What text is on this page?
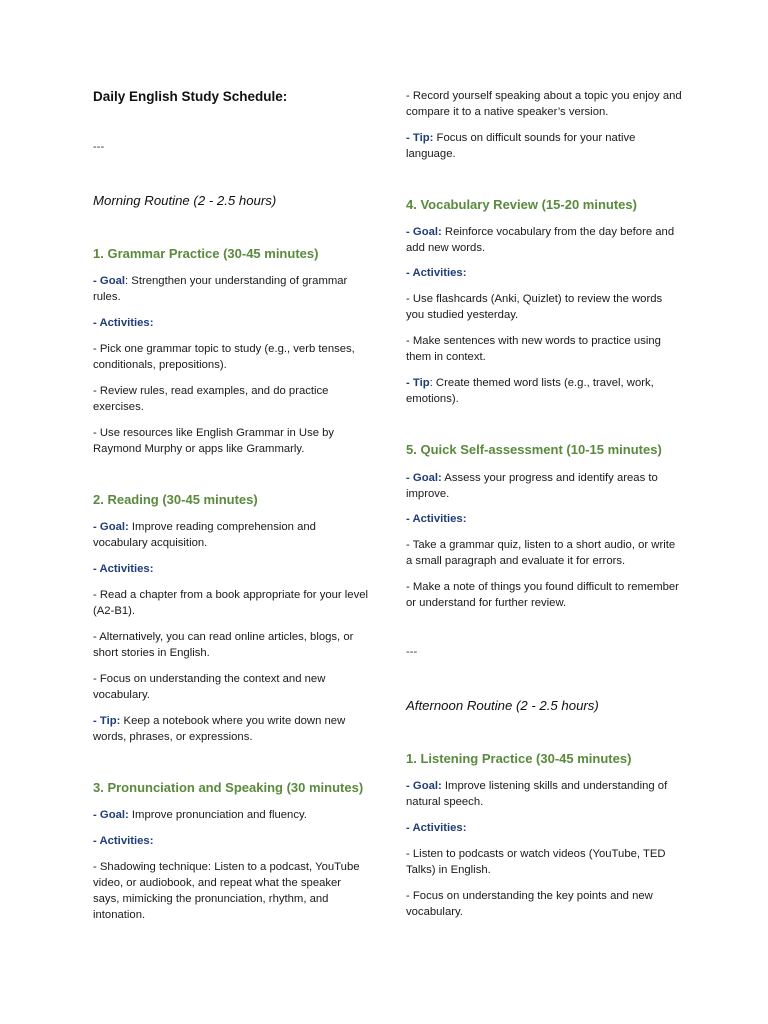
Daily English Study Schedule:
---
Morning Routine (2 - 2.5 hours)
1. Grammar Practice (30-45 minutes)

- Goal: Strengthen your understanding of grammar rules.

- Activities:

- Pick one grammar topic to study (e.g., verb tenses, conditionals, prepositions).

- Review rules, read examples, and do practice exercises.

- Use resources like English Grammar in Use by Raymond Murphy or apps like Grammarly.

2. Reading (30-45 minutes)

- Goal: Improve reading comprehension and vocabulary acquisition.

- Activities:

- Read a chapter from a book appropriate for your level (A2-B1).

- Alternatively, you can read online articles, blogs, or short stories in English.

- Focus on understanding the context and new vocabulary.

- Tip: Keep a notebook where you write down new words, phrases, or expressions.

3. Pronunciation and Speaking (30 minutes)

- Goal: Improve pronunciation and fluency.

- Activities:

- Shadowing technique: Listen to a podcast, YouTube video, or audiobook, and repeat what the speaker says, mimicking the pronunciation, rhythm, and intonation.

- Record yourself speaking about a topic you enjoy and compare it to a native speaker’s version.

- Tip: Focus on difficult sounds for your native language.

4. Vocabulary Review (15-20 minutes)

- Goal: Reinforce vocabulary from the day before and add new words.

- Activities:

- Use flashcards (Anki, Quizlet) to review the words you studied yesterday.

- Make sentences with new words to practice using them in context.

- Tip: Create themed word lists (e.g., travel, work, emotions).

5. Quick Self-assessment (10-15 minutes)

- Goal: Assess your progress and identify areas to improve.

- Activities:

- Take a grammar quiz, listen to a short audio, or write a small paragraph and evaluate it for errors.

- Make a note of things you found difficult to remember or understand for further review.

---
Afternoon Routine (2 - 2.5 hours)
1. Listening Practice (30-45 minutes)

- Goal: Improve listening skills and understanding of natural speech.

- Activities:

- Listen to podcasts or watch videos (YouTube, TED Talks) in English.

- Focus on understanding the key points and new vocabulary.
